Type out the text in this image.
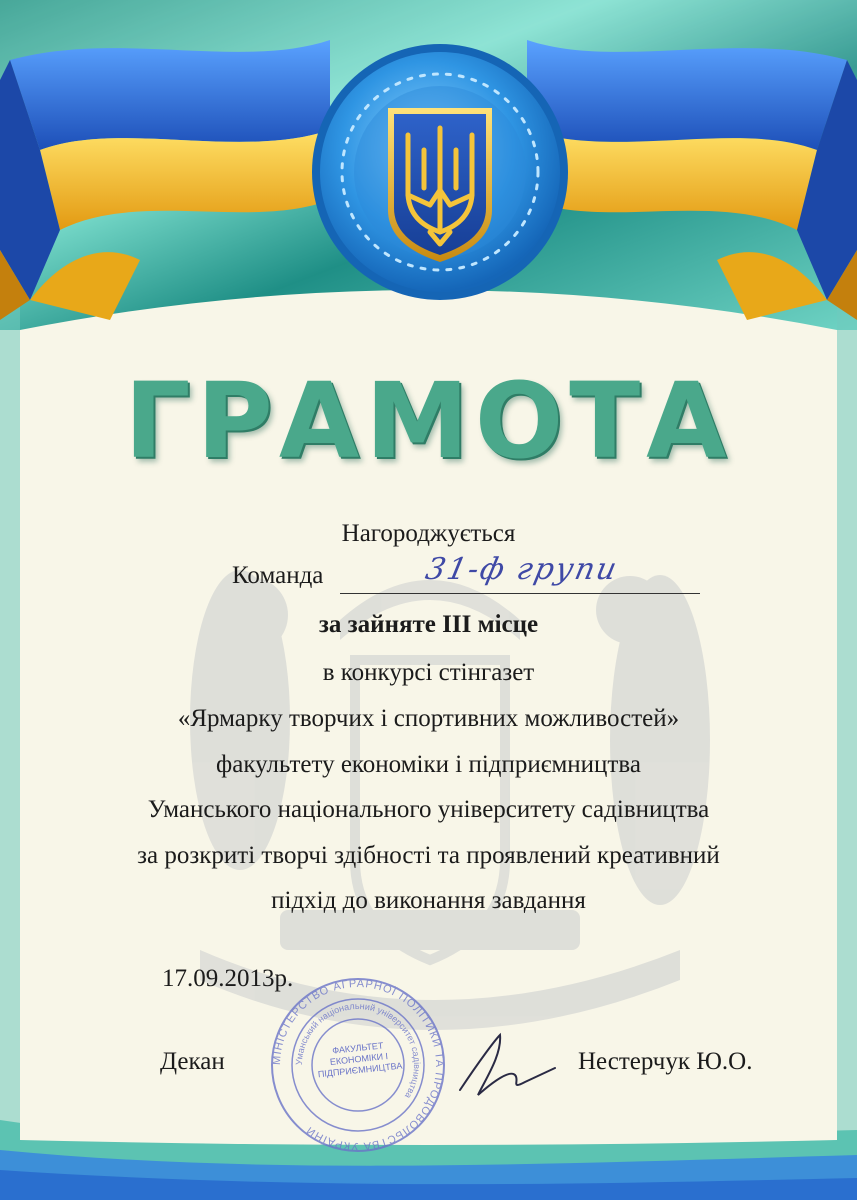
ГРАМОТА
Нагороджується
Команда	31-ф групи
за зайняте ІІІ місце
в конкурсі стінгазет
«Ярмарку творчих і спортивних можливостей»
факультету економіки і підприємництва
Уманського національного університету садівництва
за розкриті творчі здібності та проявлений креативний
підхід до виконання завдання
17.09.2013р.
МІНІСТЕРСТВО АГРАРНОЇ ПОЛІТИКИ ТА ПРОДОВОЛЬСТВА УКРАЇНИ
Уманський національний університет садівництва
ФАКУЛЬТЕТ ЕКОНОМІКИ І ПІДПРИЄМНИЦТВА
Декан	Нестерчук Ю.О.
